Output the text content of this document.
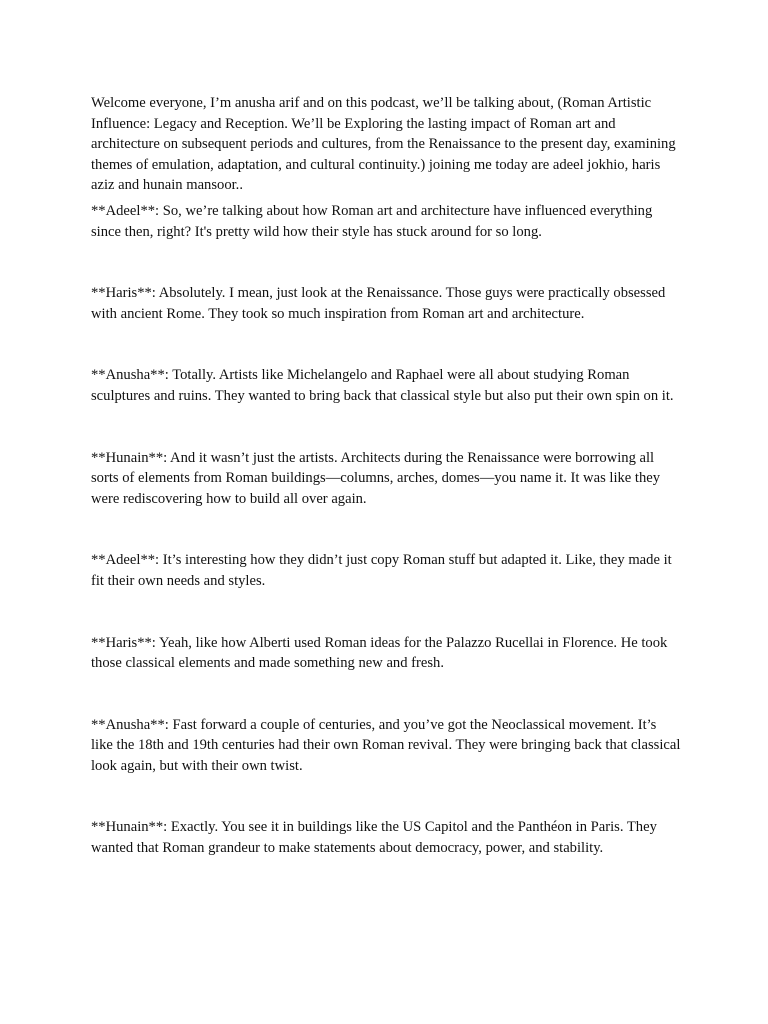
Welcome everyone, I’m anusha arif and on this podcast, we’ll be talking about, (Roman Artistic Influence: Legacy and Reception. We’ll be Exploring the lasting impact of Roman art and architecture on subsequent periods and cultures, from the Renaissance to the present day, examining themes of emulation, adaptation, and cultural continuity.) joining me today are adeel jokhio, haris aziz and hunain mansoor..

**Adeel**: So, we’re talking about how Roman art and architecture have influenced everything since then, right? It's pretty wild how their style has stuck around for so long.

**Haris**: Absolutely. I mean, just look at the Renaissance. Those guys were practically obsessed with ancient Rome. They took so much inspiration from Roman art and architecture.

**Anusha**: Totally. Artists like Michelangelo and Raphael were all about studying Roman sculptures and ruins. They wanted to bring back that classical style but also put their own spin on it.

**Hunain**: And it wasn’t just the artists. Architects during the Renaissance were borrowing all sorts of elements from Roman buildings—columns, arches, domes—you name it. It was like they were rediscovering how to build all over again.

**Adeel**: It’s interesting how they didn’t just copy Roman stuff but adapted it. Like, they made it fit their own needs and styles.

**Haris**: Yeah, like how Alberti used Roman ideas for the Palazzo Rucellai in Florence. He took those classical elements and made something new and fresh.

**Anusha**: Fast forward a couple of centuries, and you’ve got the Neoclassical movement. It’s like the 18th and 19th centuries had their own Roman revival. They were bringing back that classical look again, but with their own twist.

**Hunain**: Exactly. You see it in buildings like the US Capitol and the Panthéon in Paris. They wanted that Roman grandeur to make statements about democracy, power, and stability.
